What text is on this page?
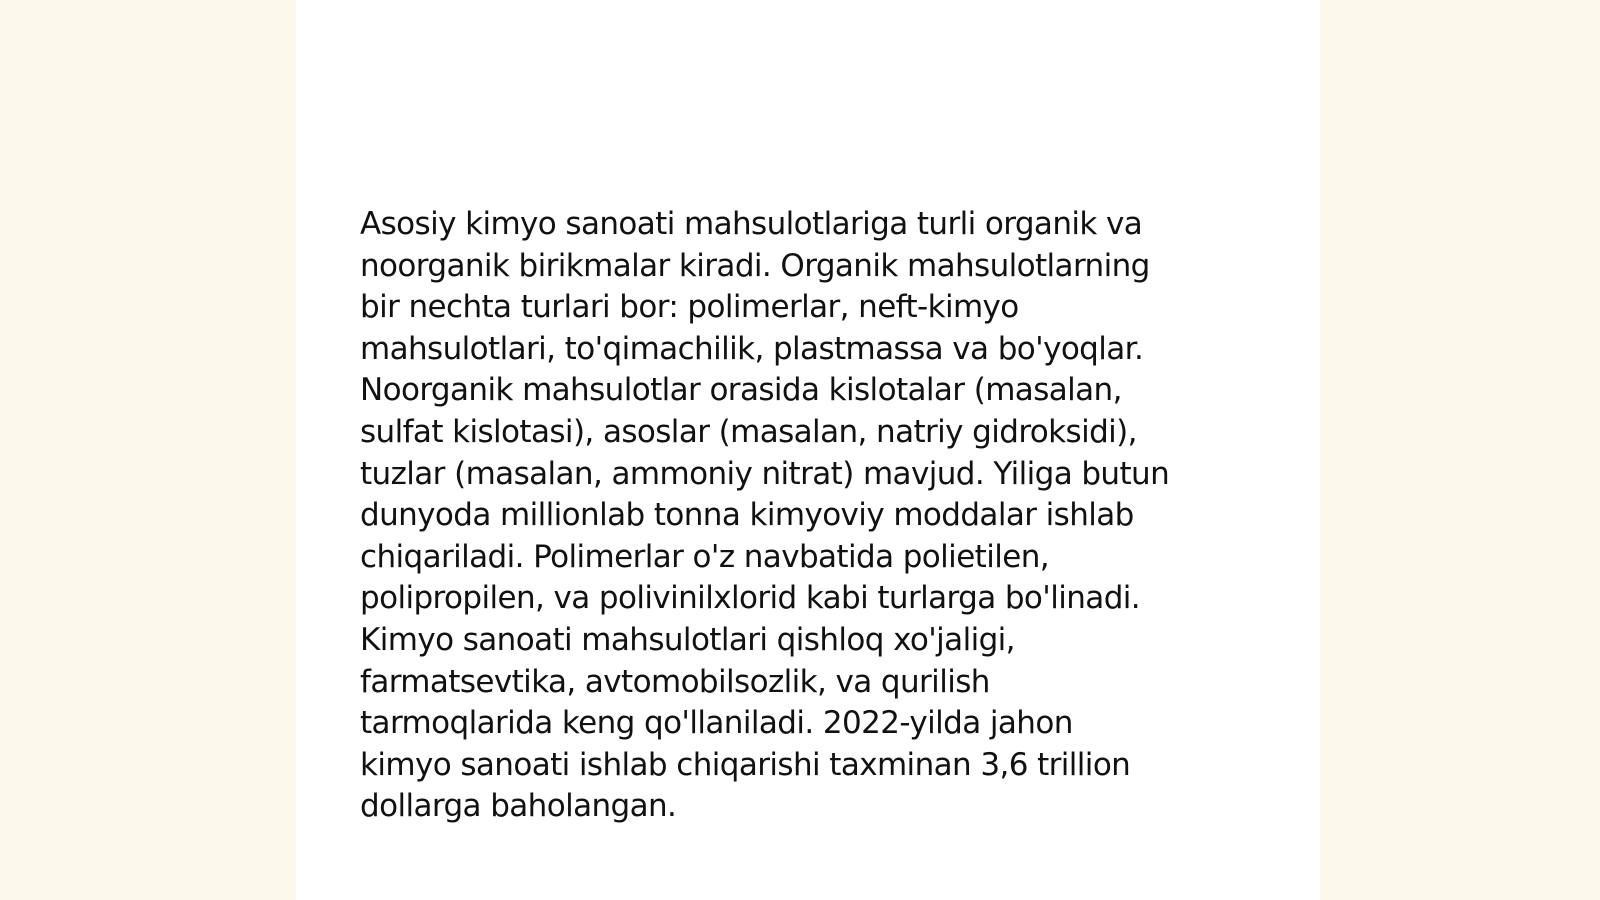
Asosiy kimyo sanoati mahsulotlariga turli organik va
noorganik birikmalar kiradi. Organik mahsulotlarning
bir nechta turlari bor: polimerlar, neft-kimyo
mahsulotlari, to'qimachilik, plastmassa va bo'yoqlar.
Noorganik mahsulotlar orasida kislotalar (masalan,
sulfat kislotasi), asoslar (masalan, natriy gidroksidi),
tuzlar (masalan, ammoniy nitrat) mavjud. Yiliga butun
dunyoda millionlab tonna kimyoviy moddalar ishlab
chiqariladi. Polimerlar o'z navbatida polietilen,
polipropilen, va polivinilxlorid kabi turlarga bo'linadi.
Kimyo sanoati mahsulotlari qishloq xo'jaligi,
farmatsevtika, avtomobilsozlik, va qurilish
tarmoqlarida keng qo'llaniladi. 2022-yilda jahon
kimyo sanoati ishlab chiqarishi taxminan 3,6 trillion
dollarga baholangan.
